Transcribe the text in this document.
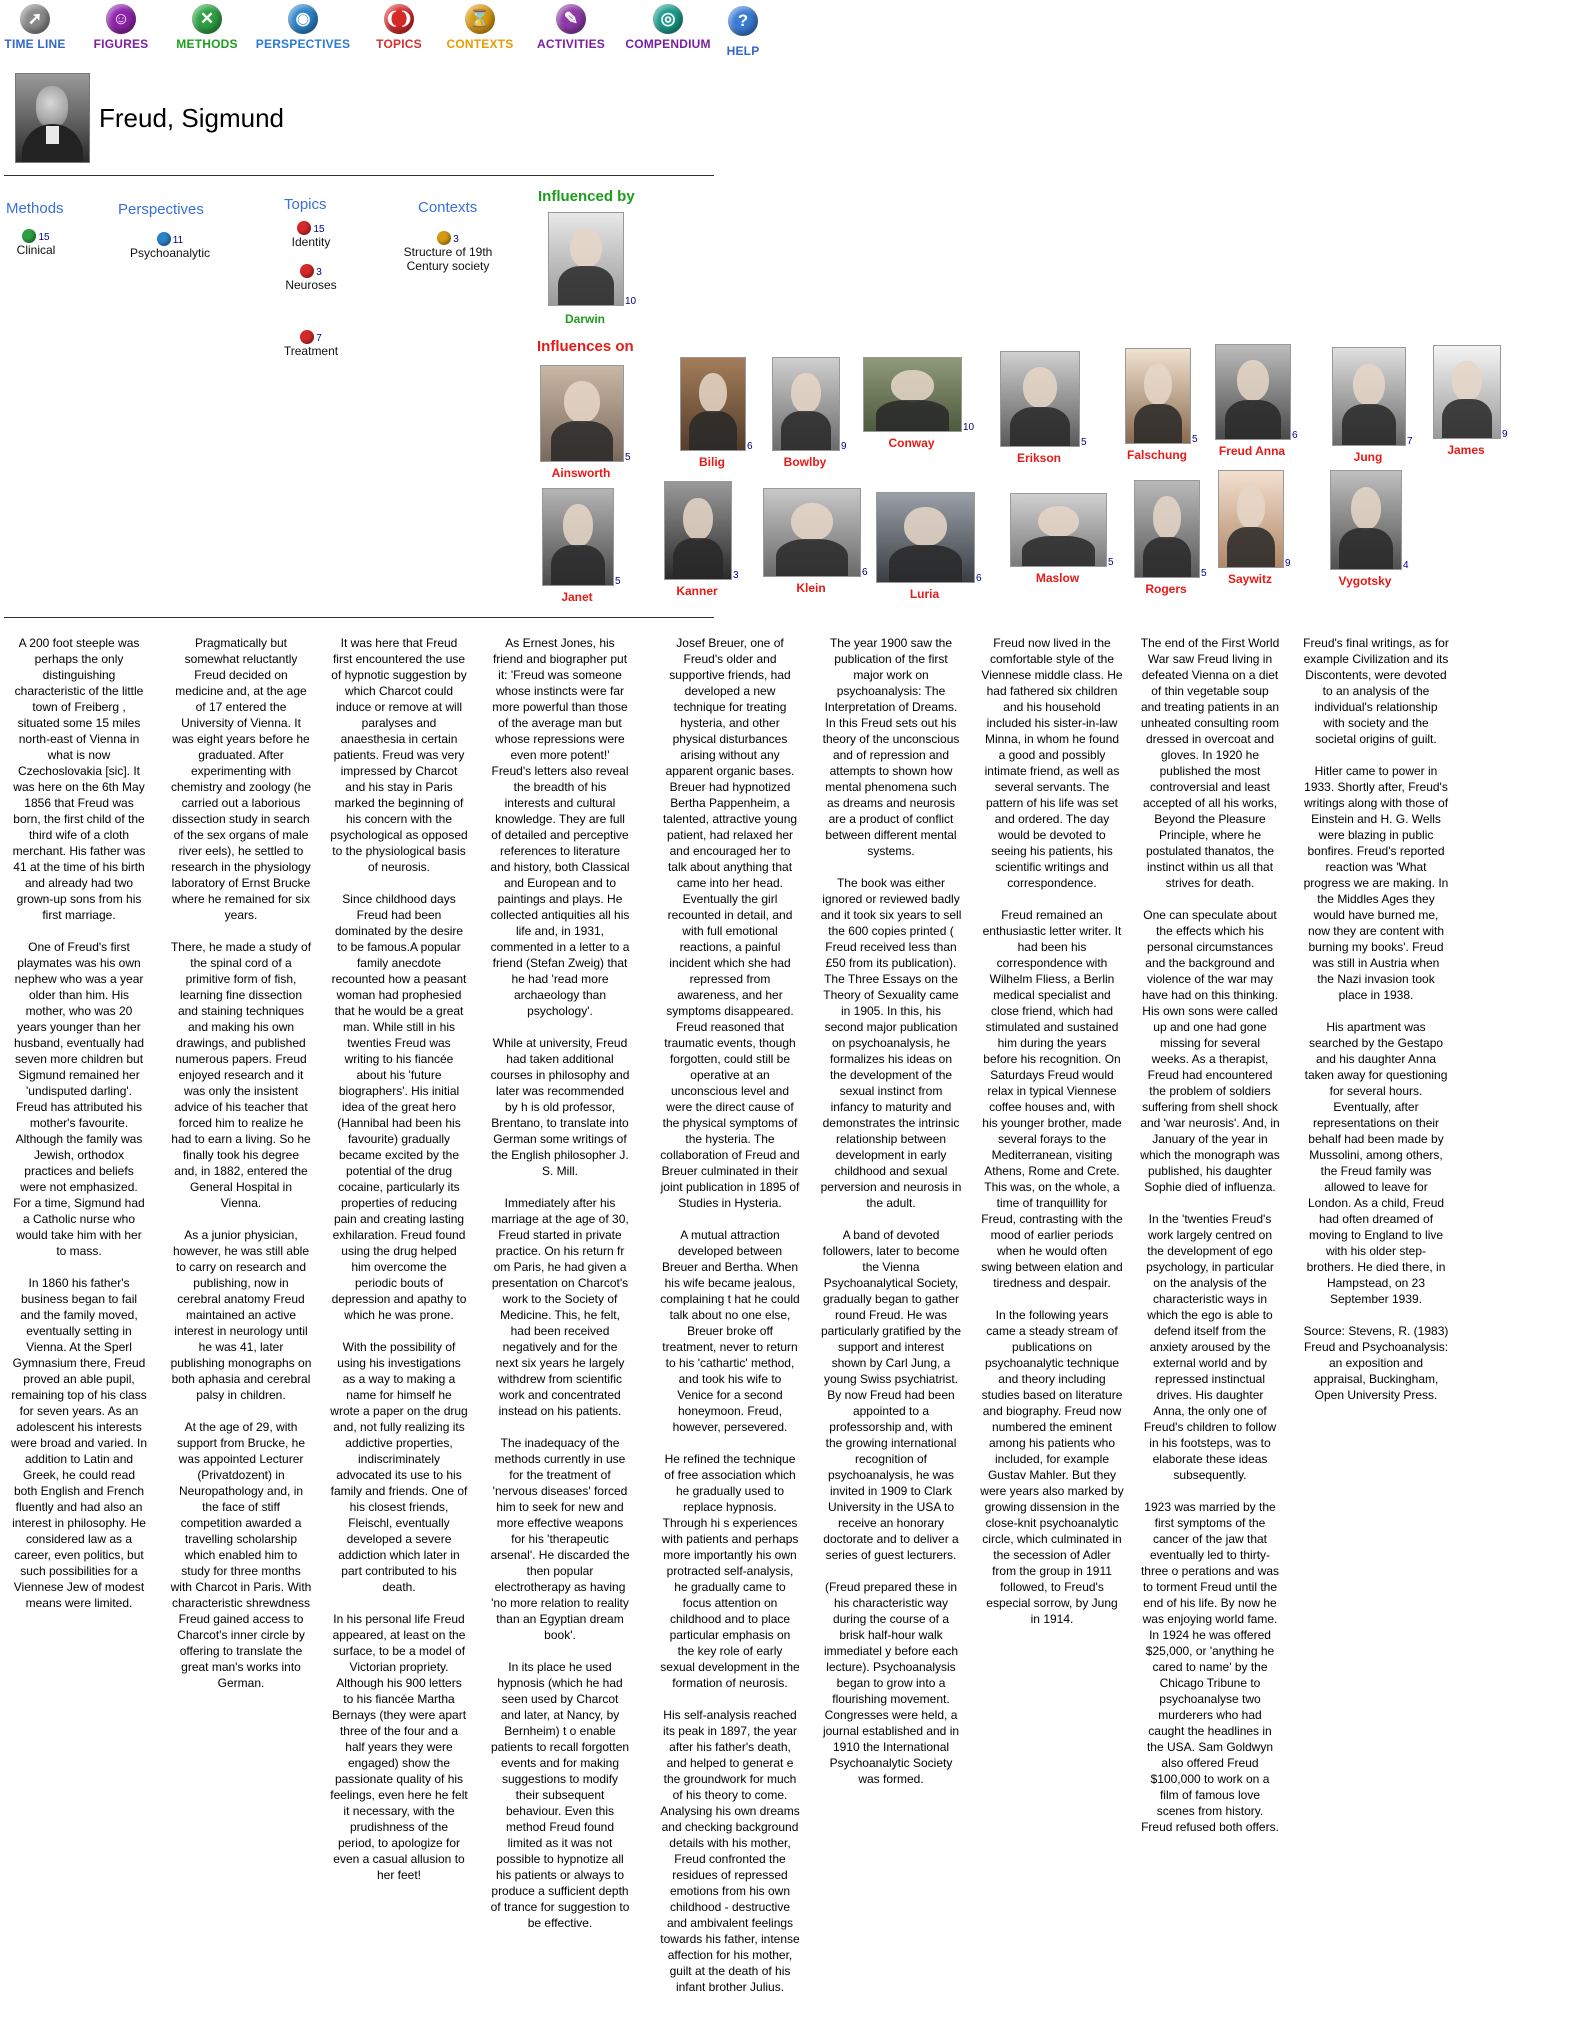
➚
TIME LINE
☺
FIGURES
✕
METHODS
◉
PERSPECTIVES
❨❩
TOPICS
⌛
CONTEXTS
✎
ACTIVITIES
◎
COMPENDIUM
?
HELP
Freud, Sigmund
Methods
15
Clinical
Perspectives
11
Psychoanalytic
Topics
15
Identity
3
Neuroses
7
Treatment
Contexts
3
Structure of 19th Century society
Influenced by
Influences on
Darwin
10
Ainsworth
5	Bilig
6
Bowlby
9	Conway
10
Erikson
5
Falschung
5
Freud Anna
6
Jung
7
James
9
Janet
5
Kanner
3
Klein
6
Luria
6	Maslow
5
Rogers
5	Saywitz
9
Vygotsky
4

A 200 foot steeple was perhaps the only distinguishing characteristic of the little town of Freiberg , situated some 15 miles north-east of Vienna in what is now Czechoslovakia [sic]. It was here on the 6th May 1856 that Freud was born, the first child of the third wife of a cloth merchant. His father was 41 at the time of his birth and already had two grown-up sons from his first marriage.

One of Freud's first playmates was his own nephew who was a year older than him. His mother, who was 20 years younger than her husband, eventually had seven more children but Sigmund remained her 'undisputed darling'. Freud has attributed his mother's favourite. Although the family was Jewish, orthodox practices and beliefs were not emphasized. For a time, Sigmund had a Catholic nurse who would take him with her to mass.

In 1860 his father's business began to fail and the family moved, eventually setting in Vienna. At the Sperl Gymnasium there, Freud proved an able pupil, remaining top of his class for seven years. As an adolescent his interests were broad and varied. In addition to Latin and Greek, he could read both English and French fluently and had also an interest in philosophy. He considered law as a career, even politics, but such possibilities for a Viennese Jew of modest means were limited.

Pragmatically but somewhat reluctantly Freud decided on medicine and, at the age of 17 entered the University of Vienna. It was eight years before he graduated. After experimenting with chemistry and zoology (he carried out a laborious dissection study in search of the sex organs of male river eels), he settled to research in the physiology laboratory of Ernst Brucke where he remained for six years.

There, he made a study of the spinal cord of a primitive form of fish, learning fine dissection and staining techniques and making his own drawings, and published numerous papers. Freud enjoyed research and it was only the insistent advice of his teacher that forced him to realize he had to earn a living. So he finally took his degree and, in 1882, entered the General Hospital in Vienna.

As a junior physician, however, he was still able to carry on research and publishing, now in cerebral anatomy Freud maintained an active interest in neurology until he was 41, later publishing monographs on both aphasia and cerebral palsy in children.

At the age of 29, with support from Brucke, he was appointed Lecturer (Privatdozent) in Neuropathology and, in the face of stiff competition awarded a travelling scholarship which enabled him to study for three months with Charcot in Paris. With characteristic shrewdness Freud gained access to Charcot's inner circle by offering to translate the great man's works into German.

It was here that Freud first encountered the use of hypnotic suggestion by which Charcot could induce or remove at will paralyses and anaesthesia in certain patients. Freud was very impressed by Charcot and his stay in Paris marked the beginning of his concern with the psychological as opposed to the physiological basis of neurosis.

Since childhood days Freud had been dominated by the desire to be famous.A popular family anecdote recounted how a peasant woman had prophesied that he would be a great man. While still in his twenties Freud was writing to his fiancée about his 'future biographers'. His initial idea of the great hero (Hannibal had been his favourite) gradually became excited by the potential of the drug cocaine, particularly its properties of reducing pain and creating lasting exhilaration. Freud found using the drug helped him overcome the periodic bouts of depression and apathy to which he was prone.

With the possibility of using his investigations as a way to making a name for himself he wrote a paper on the drug and, not fully realizing its addictive properties, indiscriminately advocated its use to his family and friends. One of his closest friends, Fleischl, eventually developed a severe addiction which later in part contributed to his death.

In his personal life Freud appeared, at least on the surface, to be a model of Victorian propriety. Although his 900 letters to his fiancée Martha Bernays (they were apart three of the four and a half years they were engaged) show the passionate quality of his feelings, even here he felt it necessary, with the prudishness of the period, to apologize for even a casual allusion to her feet!

As Ernest Jones, his friend and biographer put it: 'Freud was someone whose instincts were far more powerful than those of the average man but whose repressions were even more potent!' Freud's letters also reveal the breadth of his interests and cultural knowledge. They are full of detailed and perceptive references to literature and history, both Classical and European and to paintings and plays. He collected antiquities all his life and, in 1931, commented in a letter to a friend (Stefan Zweig) that he had 'read more archaeology than psychology'.

While at university, Freud had taken additional courses in philosophy and later was recommended by h is old professor, Brentano, to translate into German some writings of the English philosopher J. S. Mill.

Immediately after his marriage at the age of 30, Freud started in private practice. On his return fr om Paris, he had given a presentation on Charcot's work to the Society of Medicine. This, he felt, had been received negatively and for the next six years he largely withdrew from scientific work and concentrated instead on his patients.

The inadequacy of the methods currently in use for the treatment of 'nervous diseases' forced him to seek for new and more effective weapons for his 'therapeutic arsenal'. He discarded the then popular electrotherapy as having 'no more relation to reality than an Egyptian dream book'.

In its place he used hypnosis (which he had seen used by Charcot and later, at Nancy, by Bernheim) t o enable patients to recall forgotten events and for making suggestions to modify their subsequent behaviour. Even this method Freud found limited as it was not possible to hypnotize all his patients or always to produce a sufficient depth of trance for suggestion to be effective.

Josef Breuer, one of Freud's older and supportive friends, had developed a new technique for treating hysteria, and other physical disturbances arising without any apparent organic bases. Breuer had hypnotized Bertha Pappenheim, a talented, attractive young patient, had relaxed her and encouraged her to talk about anything that came into her head. Eventually the girl recounted in detail, and with full emotional reactions, a painful incident which she had repressed from awareness, and her symptoms disappeared. Freud reasoned that traumatic events, though forgotten, could still be operative at an unconscious level and were the direct cause of the physical symptoms of the hysteria. The collaboration of Freud and Breuer culminated in their joint publication in 1895 of Studies in Hysteria.

A mutual attraction developed between Breuer and Bertha. When his wife became jealous, complaining t hat he could talk about no one else, Breuer broke off treatment, never to return to his 'cathartic' method, and took his wife to Venice for a second honeymoon. Freud, however, persevered.

He refined the technique of free association which he gradually used to replace hypnosis. Through hi s experiences with patients and perhaps more importantly his own protracted self-analysis, he gradually came to focus attention on childhood and to place particular emphasis on the key role of early sexual development in the formation of neurosis.

His self-analysis reached its peak in 1897, the year after his father's death, and helped to generat e the groundwork for much of his theory to come. Analysing his own dreams and checking background details with his mother, Freud confronted the residues of repressed emotions from his own childhood - destructive and ambivalent feelings towards his father, intense affection for his mother, guilt at the death of his infant brother Julius.

The year 1900 saw the publication of the first major work on psychoanalysis: The Interpretation of Dreams. In this Freud sets out his theory of the unconscious and of repression and attempts to shown how mental phenomena such as dreams and neurosis are a product of conflict between different mental systems.

The book was either ignored or reviewed badly and it took six years to sell the 600 copies printed ( Freud received less than £50 from its publication). The Three Essays on the Theory of Sexuality came in 1905. In this, his second major publication on psychoanalysis, he formalizes his ideas on the development of the sexual instinct from infancy to maturity and demonstrates the intrinsic relationship between development in early childhood and sexual perversion and neurosis in the adult.

A band of devoted followers, later to become the Vienna Psychoanalytical Society, gradually began to gather round Freud. He was particularly gratified by the support and interest shown by Carl Jung, a young Swiss psychiatrist. By now Freud had been appointed to a professorship and, with the growing international recognition of psychoanalysis, he was invited in 1909 to Clark University in the USA to receive an honorary doctorate and to deliver a series of guest lecturers.

(Freud prepared these in his characteristic way during the course of a brisk half-hour walk immediatel y before each lecture). Psychoanalysis began to grow into a flourishing movement. Congresses were held, a journal established and in 1910 the International Psychoanalytic Society was formed.

Freud now lived in the comfortable style of the Viennese middle class. He had fathered six children and his household included his sister-in-law Minna, in whom he found a good and possibly intimate friend, as well as several servants. The pattern of his life was set and ordered. The day would be devoted to seeing his patients, his scientific writings and correspondence.

Freud remained an enthusiastic letter writer. It had been his correspondence with Wilhelm Fliess, a Berlin medical specialist and close friend, which had stimulated and sustained him during the years before his recognition. On Saturdays Freud would relax in typical Viennese coffee houses and, with his younger brother, made several forays to the Mediterranean, visiting Athens, Rome and Crete. This was, on the whole, a time of tranquillity for Freud, contrasting with the mood of earlier periods when he would often swing between elation and tiredness and despair.

In the following years came a steady stream of publications on psychoanalytic technique and theory including studies based on literature and biography. Freud now numbered the eminent among his patients who included, for example Gustav Mahler. But they were years also marked by growing dissension in the close-knit psychoanalytic circle, which culminated in the secession of Adler from the group in 1911 followed, to Freud's especial sorrow, by Jung in 1914.

The end of the First World War saw Freud living in defeated Vienna on a diet of thin vegetable soup and treating patients in an unheated consulting room dressed in overcoat and gloves. In 1920 he published the most controversial and least accepted of all his works, Beyond the Pleasure Principle, where he postulated thanatos, the instinct within us all that strives for death.

One can speculate about the effects which his personal circumstances and the background and violence of the war may have had on this thinking. His own sons were called up and one had gone missing for several weeks. As a therapist, Freud had encountered the problem of soldiers suffering from shell shock and 'war neurosis'. And, in January of the year in which the monograph was published, his daughter Sophie died of influenza.

In the 'twenties Freud's work largely centred on the development of ego psychology, in particular on the analysis of the characteristic ways in which the ego is able to defend itself from the anxiety aroused by the external world and by repressed instinctual drives. His daughter Anna, the only one of Freud's children to follow in his footsteps, was to elaborate these ideas subsequently.

1923 was married by the first symptoms of the cancer of the jaw that eventually led to thirty-three o perations and was to torment Freud until the end of his life. By now he was enjoying world fame. In 1924 he was offered $25,000, or 'anything he cared to name' by the Chicago Tribune to psychoanalyse two murderers who had caught the headlines in the USA. Sam Goldwyn also offered Freud $100,000 to work on a film of famous love scenes from history. Freud refused both offers.

Freud's final writings, as for example Civilization and its Discontents, were devoted to an analysis of the individual's relationship with society and the societal origins of guilt.

Hitler came to power in 1933. Shortly after, Freud's writings along with those of Einstein and H. G. Wells were blazing in public bonfires. Freud's reported reaction was 'What progress we are making. In the Middles Ages they would have burned me, now they are content with burning my books'. Freud was still in Austria when the Nazi invasion took place in 1938.

His apartment was searched by the Gestapo and his daughter Anna taken away for questioning for several hours. Eventually, after representations on their behalf had been made by Mussolini, among others, the Freud family was allowed to leave for London. As a child, Freud had often dreamed of moving to England to live with his older step-brothers. He died there, in Hampstead, on 23 September 1939.

Source: Stevens, R. (1983) Freud and Psychoanalysis: an exposition and appraisal, Buckingham, Open University Press.
